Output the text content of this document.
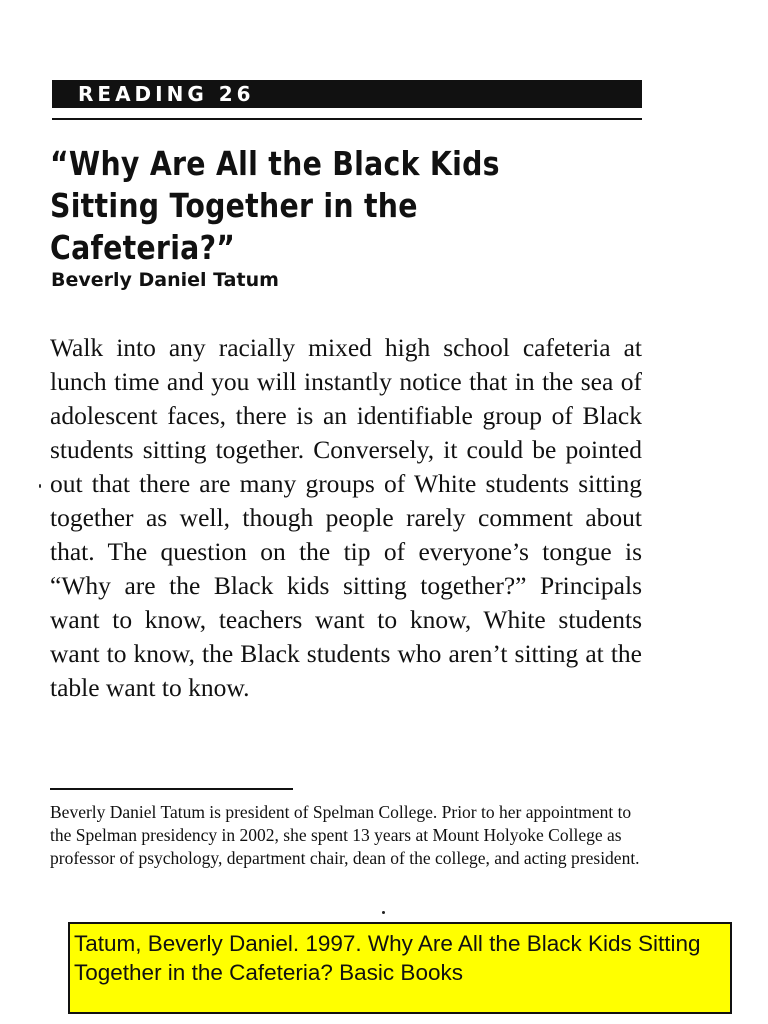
READING 26
“Why Are All the Black Kids Sitting Together in the Cafeteria?”

Beverly Daniel Tatum

Walk into any racially mixed high school cafeteria at lunch time and you will instantly notice that in the sea of adolescent faces, there is an identifiable group of Black students sitting together. Conversely, it could be pointed out that there are many groups of White students sitting together as well, though people rarely comment about that. The question on the tip of everyone’s tongue is “Why are the Black kids sitting together?” Principals want to know, teachers want to know, White students want to know, the Black students who aren’t sitting at the table want to know.

Beverly Daniel Tatum is president of Spelman College. Prior to her appointment to the Spelman presidency in 2002, she spent 13 years at Mount Holyoke College as professor of psychology, department chair, dean of the college, and acting president.

Tatum, Beverly Daniel. 1997. Why Are All the Black Kids Sitting Together in the Cafeteria? Basic Books
